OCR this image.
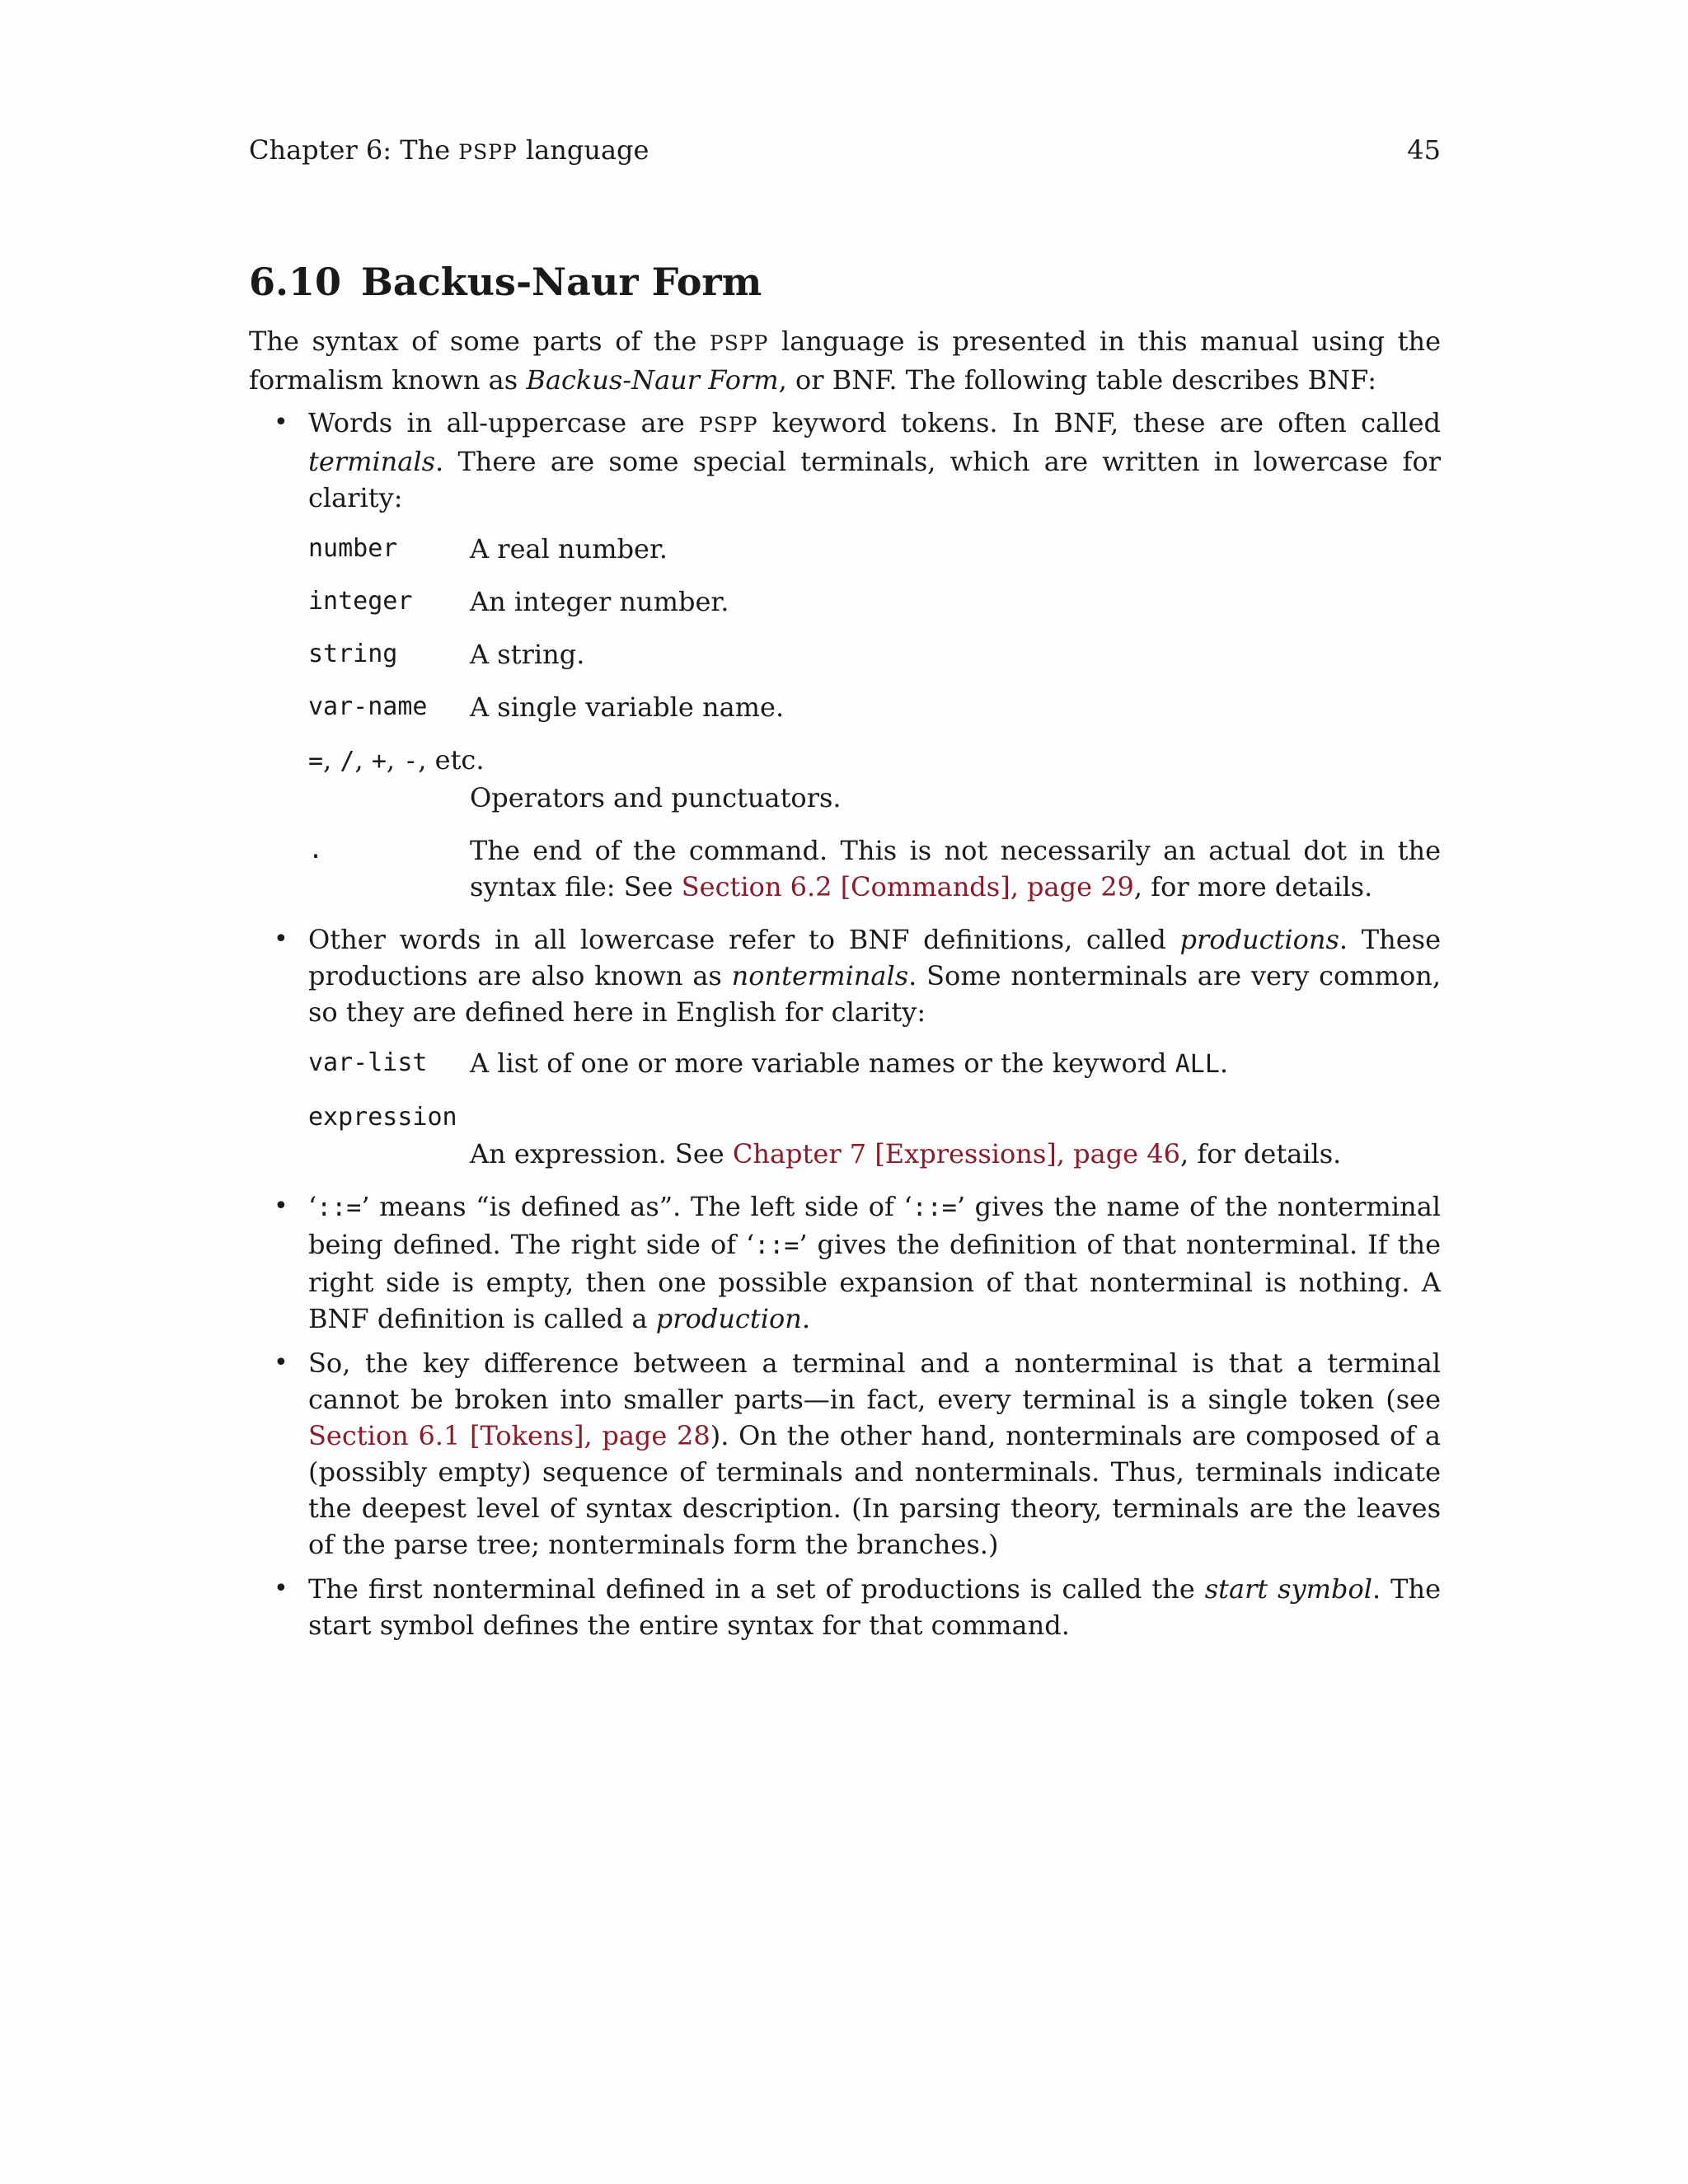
Chapter 6: The PSPP language	45
6.10 Backus-Naur Form

The syntax of some parts of the PSPP language is presented in this manual using the formalism known as Backus-Naur Form, or BNF. The following table describes BNF:

• Words in all-uppercase are PSPP keyword tokens. In BNF, these are often called terminals. There are some special terminals, which are written in lowercase for clarity:

number	A real number.
integer An integer number.
string	A string.
var-name A single variable name.
=, /, +, -, etc.
Operators and punctuators.
.	The end of the command. This is not necessarily an actual dot in the syntax file: See Section 6.2 [Commands], page 29, for more details.
• Other words in all lowercase refer to BNF definitions, called productions. These productions are also known as nonterminals. Some nonterminals are very common, so they are defined here in English for clarity:

var-list A list of one or more variable names or the keyword ALL.
expression
An expression. See Chapter 7 [Expressions], page 46, for details.
• ‘::=’ means “is defined as”. The left side of ‘::=’ gives the name of the nonterminal being defined. The right side of ‘::=’ gives the definition of that nonterminal. If the right side is empty, then one possible expansion of that nonterminal is nothing. A BNF definition is called a production.

• So, the key difference between a terminal and a nonterminal is that a terminal cannot be broken into smaller parts—in fact, every terminal is a single token (see Section 6.1 [Tokens], page 28). On the other hand, nonterminals are composed of a (possibly empty) sequence of terminals and nonterminals. Thus, terminals indicate the deepest level of syntax description. (In parsing theory, terminals are the leaves of the parse tree; nonterminals form the branches.)

• The first nonterminal defined in a set of productions is called the start symbol. The start symbol defines the entire syntax for that command.
